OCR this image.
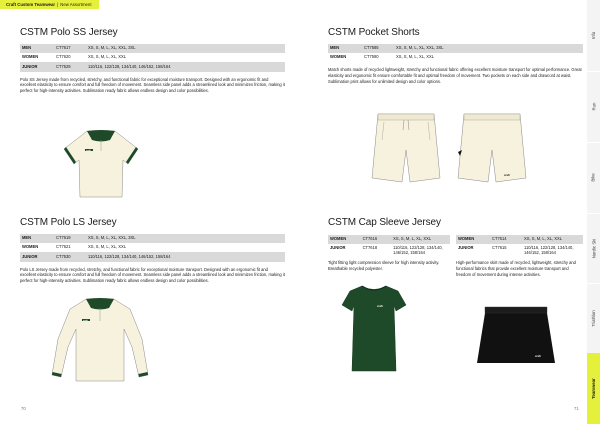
Craft Custom Teamwear | New Assortment
CSTM Polo SS Jersey
MEN	CT7617	XS, S, M, L, XL, XXL, 3XL
WOMEN	CT7620	XS, S, M, L, XL, XXL
JUNIOR	CT7529	110/116, 122/128, 134/140, 146/152, 158/164
Polo SS Jersey made from recycled, stretchy, and functional fabric for exceptional moisture transport. Designed with an ergonomic fit and excellent elasticity to ensure comfort and full freedom of movement. Seamless side panel adds a streamlined look and minimizes friction, making it perfect for high-intensity activities. Sublimation ready fabric allows endless design and color possibilities.
craft
CSTM Pocket Shorts
MEN	CT7585	XS, S, M, L, XL, XXL, 3XL
WOMEN	CT7590	XS, S, M, L, XL, XXL
Match shorts made of recycled lightweight, stretchy and functional fabric offering excellent moisture transport for optimal performance. Great elasticity and ergonomic fit ensure comfortable fit and optimal freedom of movement. Two pockets on each side and drawcord at waist. Sublimation print allows for unlimited design and color options.
craft
CSTM Polo LS Jersey
MEN	CT7619	XS, S, M, L, XL, XXL, 3XL
WOMEN	CT7621	XS, S, M, L, XL, XXL
JUNIOR	CT7530	110/116, 122/128, 134/140, 146/152, 158/164
Polo LS Jersey made from recycled, stretchy, and functional fabric for exceptional moisture transport. Designed with an ergonomic fit and excellent elasticity to ensure comfort and full freedom of movement. Seamless side panel adds a streamlined look and minimizes friction, making it perfect for high-intensity activities. Sublimation ready fabric allows endless design and color possibilities.
craft
CSTM Cap Sleeve Jersey
WOMEN	CT7616	XS, S, M, L, XL, XXL
JUNIOR	CT7618	110/116, 122/128, 134/140, 146/152, 158/164
Tight fitting light compression sleeve for high intensity activity. Breathable recycled polyester.
WOMEN	CT7614	XS, S, M, L, XL, XXL
JUNIOR	CT7615	110/116, 122/128, 134/140, 146/152, 158/164
High-performance skirt made of recycled, lightweight, stretchy and functional fabrics that provide excellent moisture transport and freedom of movement during intense activities.
craft
craft
70	71
Info
Run
Bike
Nordic Ski
Triathlon
Teamwear
